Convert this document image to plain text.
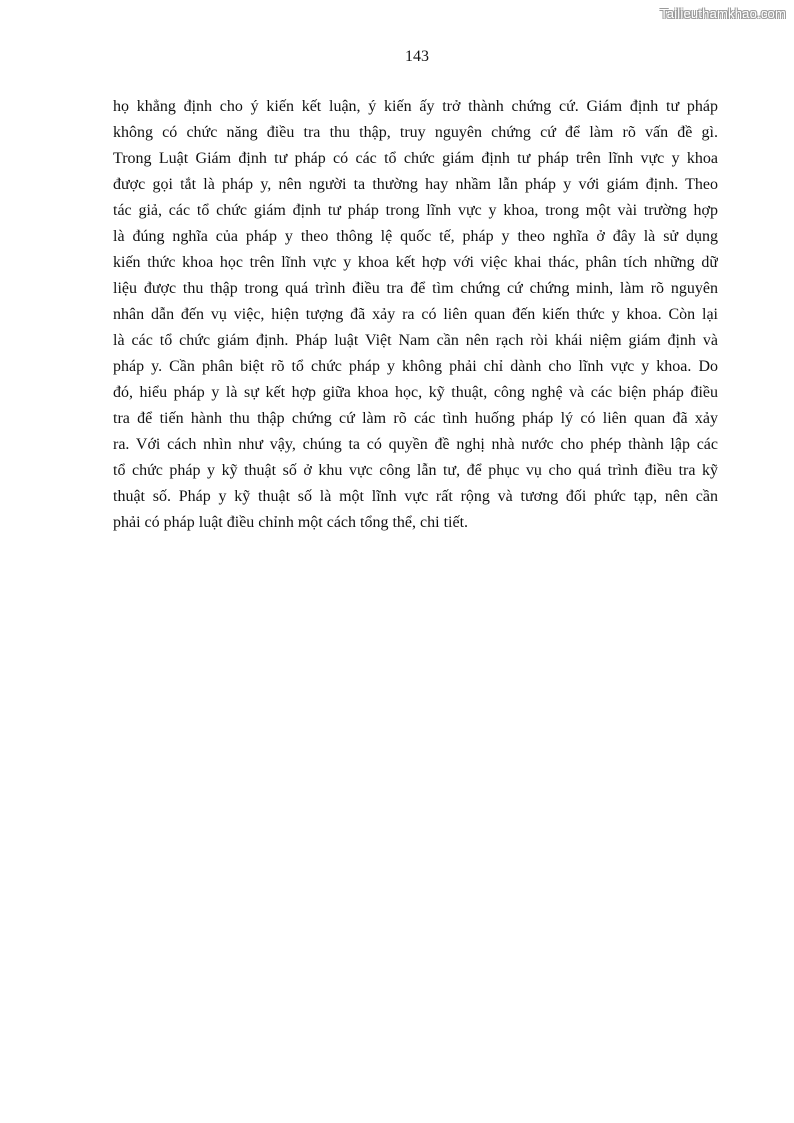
Tailieuthamkhao.com
143
họ khẳng định cho ý kiến kết luận, ý kiến ấy trở thành chứng cứ. Giám định tư pháp
không có chức năng điều tra thu thập, truy nguyên chứng cứ để làm rõ vấn đề gì.
Trong Luật Giám định tư pháp có các tổ chức giám định tư pháp trên lĩnh vực y khoa
được gọi tắt là pháp y, nên người ta thường hay nhầm lẫn pháp y với giám định. Theo
tác giả, các tổ chức giám định tư pháp trong lĩnh vực y khoa, trong một vài trường hợp
là đúng nghĩa của pháp y theo thông lệ quốc tế, pháp y theo nghĩa ở đây là sử dụng
kiến thức khoa học trên lĩnh vực y khoa kết hợp với việc khai thác, phân tích những dữ
liệu được thu thập trong quá trình điều tra để tìm chứng cứ chứng minh, làm rõ nguyên
nhân dẫn đến vụ việc, hiện tượng đã xảy ra có liên quan đến kiến thức y khoa. Còn lại
là các tổ chức giám định. Pháp luật Việt Nam cần nên rạch ròi khái niệm giám định và
pháp y. Cần phân biệt rõ tổ chức pháp y không phải chỉ dành cho lĩnh vực y khoa. Do
đó, hiểu pháp y là sự kết hợp giữa khoa học, kỹ thuật, công nghệ và các biện pháp điều
tra để tiến hành thu thập chứng cứ làm rõ các tình huống pháp lý có liên quan đã xảy
ra. Với cách nhìn như vậy, chúng ta có quyền đề nghị nhà nước cho phép thành lập các
tổ chức pháp y kỹ thuật số ở khu vực công lẫn tư, để phục vụ cho quá trình điều tra kỹ
thuật số. Pháp y kỹ thuật số là một lĩnh vực rất rộng và tương đối phức tạp, nên cần
phải có pháp luật điều chỉnh một cách tổng thể, chi tiết.
